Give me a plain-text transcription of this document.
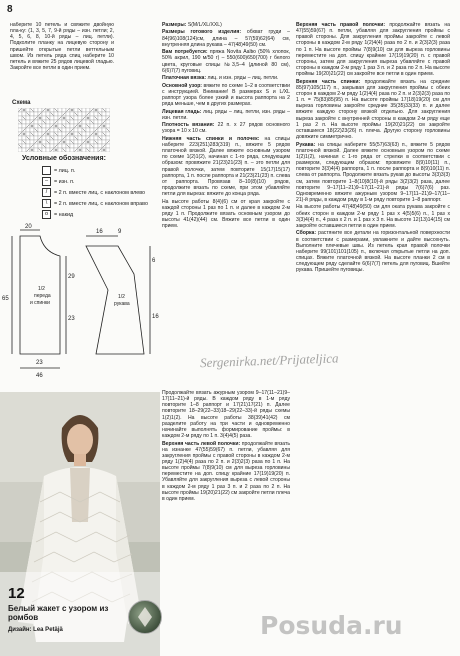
8

наберите 10 петель и свяжите двойную пла-ку: (1, 3, 5, 7, 9-й ряды – изн. петли; 2, 4, 5, 6, 8, 10-й ряды – лиц. петли). Подколите планку на лицевую сторону и пришейте открытые петли веттельным швом. Из петель ряда спиц наберите 10 петель и вяжите 25 рядов лицевой гладью. Закройте все петли в один прием.

Схема
Условные обозначения:
= лиц. п.
–	= изн. п.
/	= 2 п. вместе лиц. с наклоном влево
\	= 2 п. вместе лиц. с наклоном вправо
o	= накид
20
16	9
65
1/2
переда
и спинки
1/2
рукава
29
23
6
16
23
46

Размеры: S(M/L/XL/XXL)

Размеры готового изделия: обхват груди – 84(96)108(124)см, длина – 57(59)62(64) см, внутренняя длина рукава – 47(48)49(50) см.

Вам потребуется: пряжа Novita Aaltю (50% хлопок, 50% акрил, 190 м/50 г) – 550(600)650(700) г белого цвета, круговые спицы №3,5–4 (длиной 80 см), 6(6)7(7) пуговиц.

Платочная вязка: лиц. и изн. ряды – лиц. петли.

Основной узор: вяжите по схеме 1–2 в соответствии с инструкцией. Вниманиe! В размерах S и L/XL раппорт узора более узкий и высота раппорта на 2 ряда меньше, чем в других размерах.

Лицевая гладь: лиц. ряды – лиц. петли, изн. ряды – изн. петли.

Плотность вязания: 22 п. x 27 рядов основного узора = 10 x 10 см.

Нижняя часть спинки и полочек: на спицы наберите 223(251)283(319) п., вяжите 5 рядов платочной вязкой. Далее вяжите основным узором по схеме 1(2)1(2), начиная с 1-го ряда, следующим образом: провяжите 21(23)21(23) п. – это петли для правой полочки, затем повторите 15(17)15(17) раппорта, 1 п. после раппорта и 21(23)21(23) п. слева от раппорта. Провязав 8–10(8)(10) рядов, продолжите вязать по схеме, при этом убавляйте петли для выреза: вяжите до конца ряда.

На высоте работы 8(4)(6) см от края закройте с каждой стороны 1 раз по 1 п. и далее в каждом 2-м ряду 1 п. Продолжите вязать основным узором до высоты 41(42)(44) см. Вяжите все петли в один прием.

Продолжайте вязать ажурным узором 9–17(11–21)9–17(11–21)-й ряды. В каждом ряду в 1-м ряду повторите 1–8 раппорт и 17(21)17(21) п. Далее повторите 18–29(22–33)18–29(22–33)-й ряды схемы 1(2)1(2). На высоте работы 38(39)41(42) см разделите работу на три части и одновременно начинайте выполнять формирование проймы: в каждом 2-м ряду по 1 п. 3(4)4(5) раза.

Верхняя часть левой полочки: продолжайте вязать на изнанке 47(55)59(67) п. петли, убавляя для закругления проймы с правой стороны в каждом 2-м ряду 1(2)4(4) раза по 2 п. и 2(3)2(3) раза по 1 п. На высоте проймы 7(8)9(10) см для выреза горловины переместите на доп. спицу крайние 17(19)19(20) п. Убавляйте для закругления выреза с левой стороны в каждом 2-м ряду 1 раз 3 п. и 2 раза по 2 п. На высоте проймы 19(20)21(22) см закройте петли плеча в один прием.

Верхняя часть правой полочки: продолжайте вязать на 47(55)59(67) п. петли, убавляя для закругления проймы с правой стороны. Для закругления проймы закройте с левой стороны в каждом 2-м ряду 1(2)4(4) раза по 2 п. и 2(3)2(3) раза по 1 п. На высоте проймы 7(8)9(10) см для выреза горловины переместите на доп. спицу крайние 17(19)19(20) п. с правой стороны, затем для закругления выреза убавляйте с правой стороны в каждом 2-м ряду 1 раз 3 п. и 2 раза по 2 п. На высоте проймы 19(20)21(22) см закройте все петли в один прием.

Верхняя часть спинки: продолжайте вязать на средние 85(97)105(117) п., закрывая для закругления проймы с обеих сторон в каждом 2-м ряду 1(2)4(4) раза по 2 п. и 2(3)2(3) раза по 1 п. = 75(83)85(95) п. На высоте проймы 17(18)19(20) см для выреза горловины закройте средние 35(35)33(33) п. и далее вяжите каждую сторону вязкой отдельно. Для закругления выреза закройте с внутренней стороны в каждом 2-м ряду еще 1 раз 2 п. На высоте проймы 19(20)21(22) см закройте оставшиеся 18(22)23(26) п. плеча. Другую сторону горловины довяжите симметрично.

Рукава: на спицы наберите 55(57)63(63) п., вяжите 5 рядов платочной вязкой. Далее вяжите основным узором по схеме 1(2)1(2), начиная с 1-го ряда от стрелки в соответствии с размером, следующим образом: провяжите 8(9)10(11) п., повторите 3(3)4(4) раппорта, 1 п. после раппорта и 8(9)10(11) п. слева от раппорта. Продолжите вязать рукав до высоты 3(3)3(3) см, затем повторите 1–8(10)8(10)-й ряды 3(2)3(2) раза, далее повторите 9–17(11–21)9–17(11–21)-й ряды 7(6)7(6) раз. Одновременно вяжите ажурным узором 9–17(11–21)9–17(11–21)-й ряды, в каждом ряду в 1-м ряду повторите 1–8 раппорт.

На высоте работы 47(48)49(50) см для оката рукава закройте с обеих сторон в каждом 2-м ряду 1 раз x 4(5)5(6) п., 1 раз x 3(3)4(4) п., 4 раза x 2 п. и 1 раз x 3 п. На высоте 12(13)14(15) см закройте оставшиеся петли в один прием.

Сборка: растяните все детали на горизонтальной поверхности в соответствии с размерами, увлажните и дайте высохнуть. Выполните плечевые швы. Из петель края правой полочки наберите 99(101)101(105) п., включая открытые петли на доп. спицах. Вяжите платочной вязкой. На высоте планки 2 см в следующем ряду сделайте 6(6)7(7) петель для пуговиц. Вшейте рукава. Пришейте пуговицы.

12
Белый жакет с узором из ромбов
Дизайн: Lea Petäjä
Sergenirka.net/Prijateljica
Posuda.ru
